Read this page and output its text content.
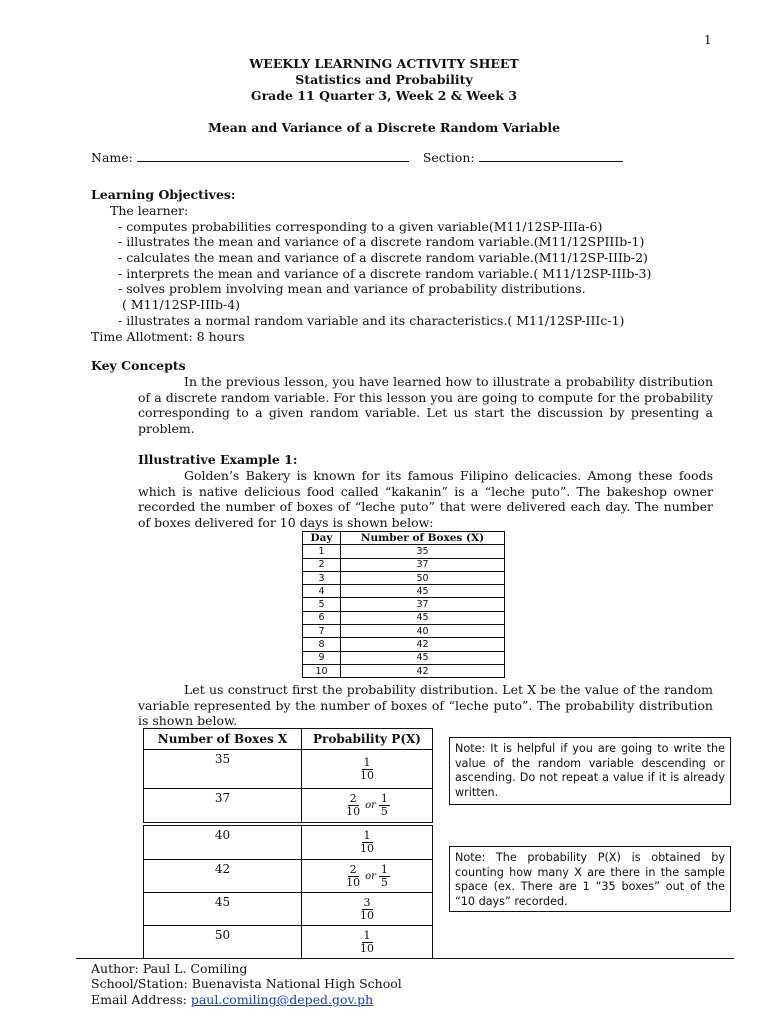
1
WEEKLY LEARNING ACTIVITY SHEET
Statistics and Probability
Grade 11 Quarter 3, Week 2 & Week 3
Mean and Variance of a Discrete Random Variable
Name:	Section:
Learning Objectives:
The learner:
- computes probabilities corresponding to a given variable(M11/12SP-IIIa-6)
- illustrates the mean and variance of a discrete random variable.(M11/12SPIIIb-1)
- calculates the mean and variance of a discrete random variable.(M11/12SP-IIIb-2)
- interprets the mean and variance of a discrete random variable.( M11/12SP-IIIb-3)
- solves problem involving mean and variance of probability distributions.
( M11/12SP-IIIb-4)
- illustrates a normal random variable and its characteristics.( M11/12SP-IIIc-1)
Time Allotment: 8 hours
Key Concepts
In the previous lesson, you have learned how to illustrate a probability distribution of a discrete random variable. For this lesson you are going to compute for the probability corresponding to a given random variable. Let us start the discussion by presenting a problem.
Illustrative Example 1:
Golden’s Bakery is known for its famous Filipino delicacies. Among these foods which is native delicious food called “kakanin” is a “leche puto”. The bakeshop owner recorded the number of boxes of “leche puto” that were delivered each day. The number of boxes delivered for 10 days is shown below:
Day	Number of Boxes (X)
1	35
2	37
3	50
4	45
5	37
6	45
7	40
8	42
9	45
10	42
Let us construct first the probability distribution. Let X be the value of the random variable represented by the number of boxes of “leche puto”. The probability distribution is shown below.
Number of Boxes X	Probability P(X)
35	$\frac{1}{10}$

37	$\frac{2}{10}$ or $\frac{1}{5}$
40	$\frac{1}{10}$

42	$\frac{2}{10}$ or $\frac{1}{5}$

45	$\frac{3}{10}$

50	$\frac{1}{10}$
Note: It is helpful if you are going to write the value of the random variable descending or ascending. Do not repeat a value if it is already written.
Note: The probability P(X) is obtained by counting how many X are there in the sample space (ex. There are 1 “35 boxes” out of the “10 days” recorded.
Author: Paul L. Comiling
School/Station: Buenavista National High School
Email Address: paul.comiling@deped.gov.ph
